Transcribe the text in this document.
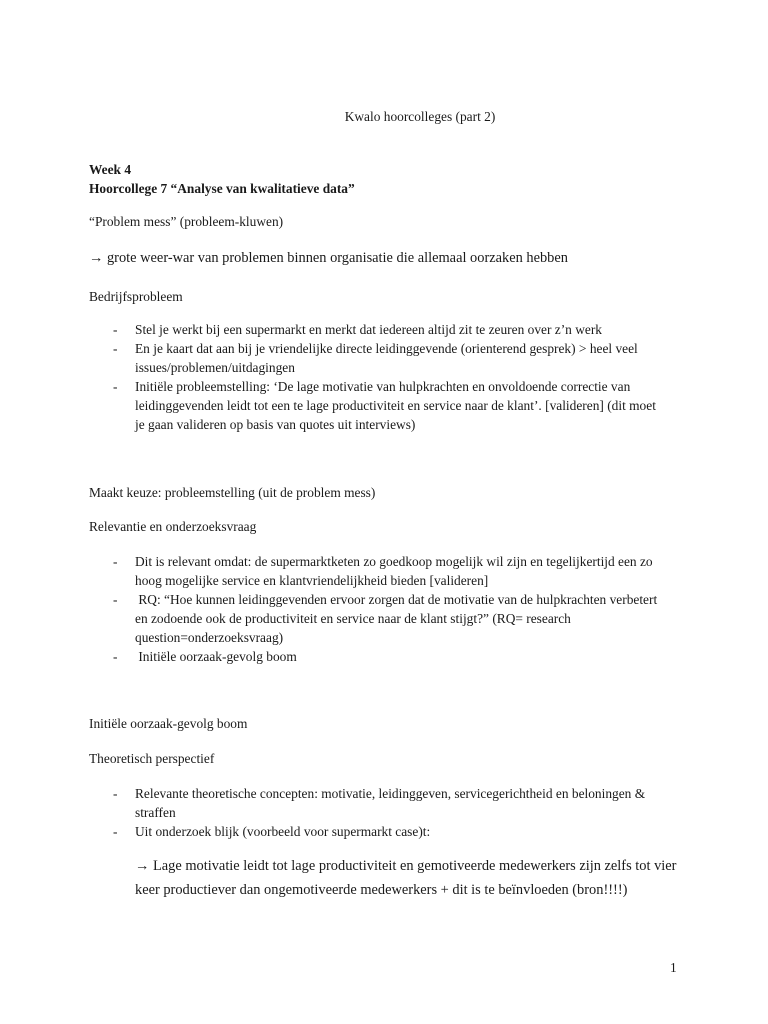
Kwalo hoorcolleges (part 2)
Week 4
Hoorcollege 7 “Analyse van kwalitatieve data”
“Problem mess” (probleem-kluwen)
→ grote weer-war van problemen binnen organisatie die allemaal oorzaken hebben
Bedrijfsprobleem
- Stel je werkt bij een supermarkt en merkt dat iedereen altijd zit te zeuren over z’n werk
- En je kaart dat aan bij je vriendelijke directe leidinggevende (orienterend gesprek) > heel veel
issues/problemen/uitdagingen
- Initiële probleemstelling: ‘De lage motivatie van hulpkrachten en onvoldoende correctie van
leidinggevenden leidt tot een te lage productiviteit en service naar de klant’. [valideren] (dit moet
je gaan valideren op basis van quotes uit interviews)
Maakt keuze: probleemstelling (uit de problem mess)
Relevantie en onderzoeksvraag
- Dit is relevant omdat: de supermarktketen zo goedkoop mogelijk wil zijn en tegelijkertijd een zo
hoog mogelijke service en klantvriendelijkheid bieden [valideren]
- RQ: “Hoe kunnen leidinggevenden ervoor zorgen dat de motivatie van de hulpkrachten verbetert
en zodoende ook de productiviteit en service naar de klant stijgt?” (RQ= research
question=onderzoeksvraag)
- Initiële oorzaak-gevolg boom
Initiële oorzaak-gevolg boom
Theoretisch perspectief
- Relevante theoretische concepten: motivatie, leidinggeven, servicegerichtheid en beloningen &
straffen
- Uit onderzoek blijk (voorbeeld voor supermarkt case)t:
→ Lage motivatie leidt tot lage productiviteit en gemotiveerde medewerkers zijn zelfs tot vier
keer productiever dan ongemotiveerde medewerkers + dit is te beïnvloeden (bron!!!!)
1
